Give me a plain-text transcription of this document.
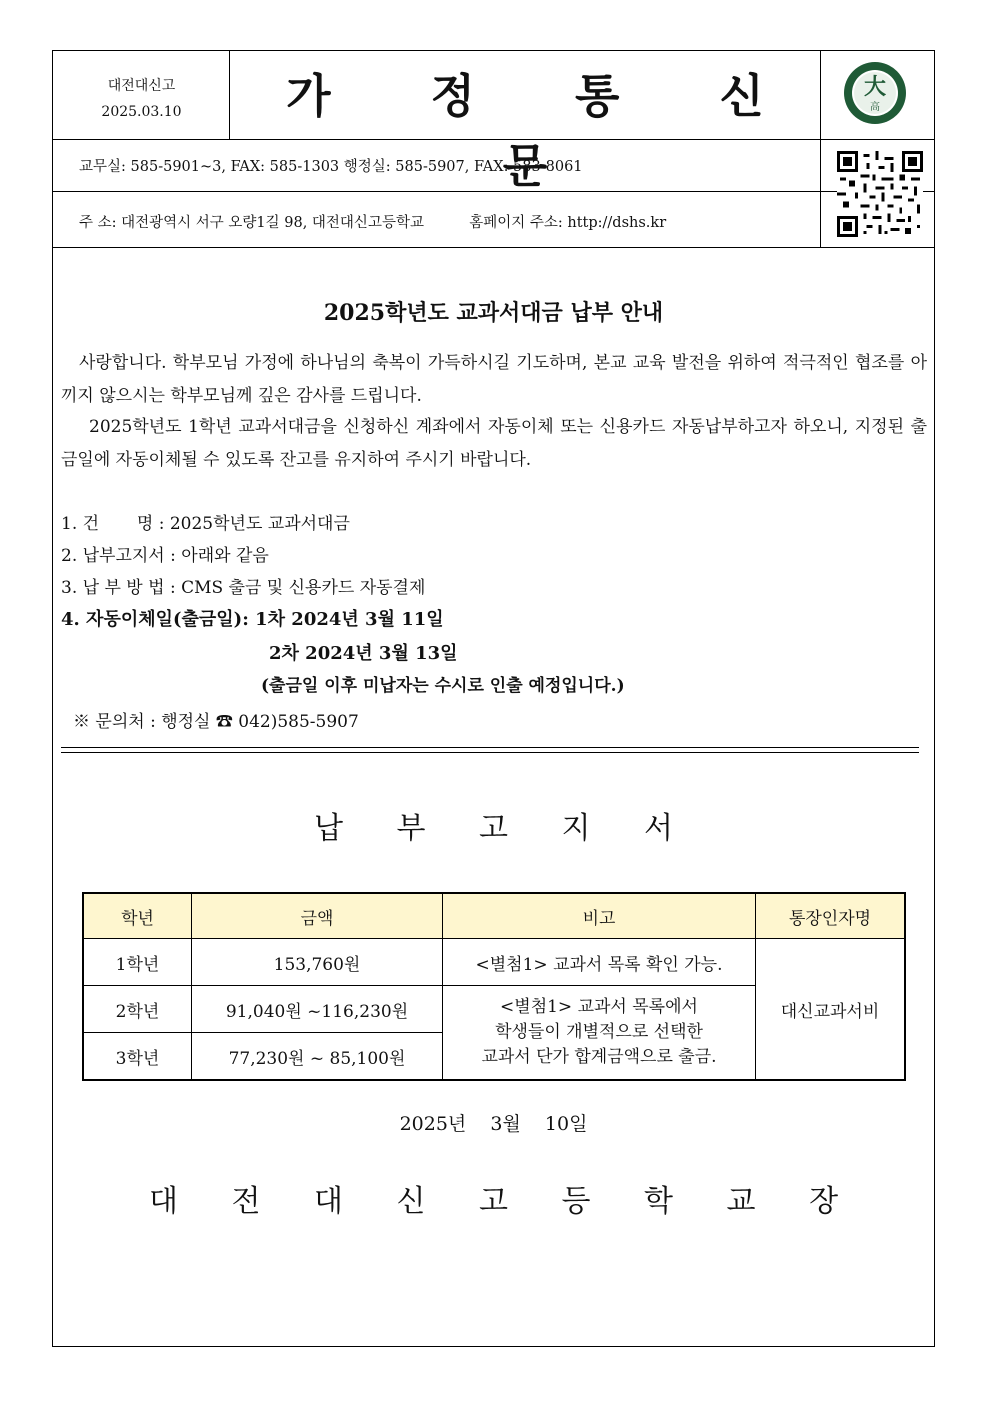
대전대신고
2025.03.10	가 정 통 신 문
大
高
교무실: 585-5901~3, FAX: 585-1303 행정실: 585-5907, FAX: 583-8061
주 소: 대전광역시 서구 오량1길 98, 대전대신고등학교	홈페이지 주소: http://dshs.kr
2025학년도 교과서대금 납부 안내
사랑합니다. 학부모님 가정에 하나님의 축복이 가득하시길 기도하며, 본교 교육 발전을 위하여 적극적인 협조를 아끼지 않으시는 학부모님께 깊은 감사를 드립니다.
2025학년도 1학년 교과서대금을 신청하신 계좌에서 자동이체 또는 신용카드 자동납부하고자 하오니, 지정된 출금일에 자동이체될 수 있도록 잔고를 유지하여 주시기 바랍니다.
1. 건       명 : 2025학년도 교과서대금
2. 납부고지서 : 아래와 같음
3. 납 부 방 법 : CMS 출금 및 신용카드 자동결제
4. 자동이체일(출금일): 1차 2024년 3월 11일
2차 2024년 3월 13일
(출금일 이후 미납자는 수시로 인출 예정입니다.)
※ 문의처 : 행정실 ☎ 042)585-5907
납 부 고 지 서
학년	금액	비고	통장인자명
1학년	153,760원	<별첨1> 교과서 목록 확인 가능.	대신교과서비
2학년	91,040원 ~116,230원	<별첨1> 교과서 목록에서
학생들이 개별적으로 선택한
교과서 단가 합계금액으로 출금.	

3학년	77,230원 ~ 85,100원		
2025년  3월  10일
대 전 대 신 고 등 학 교 장
